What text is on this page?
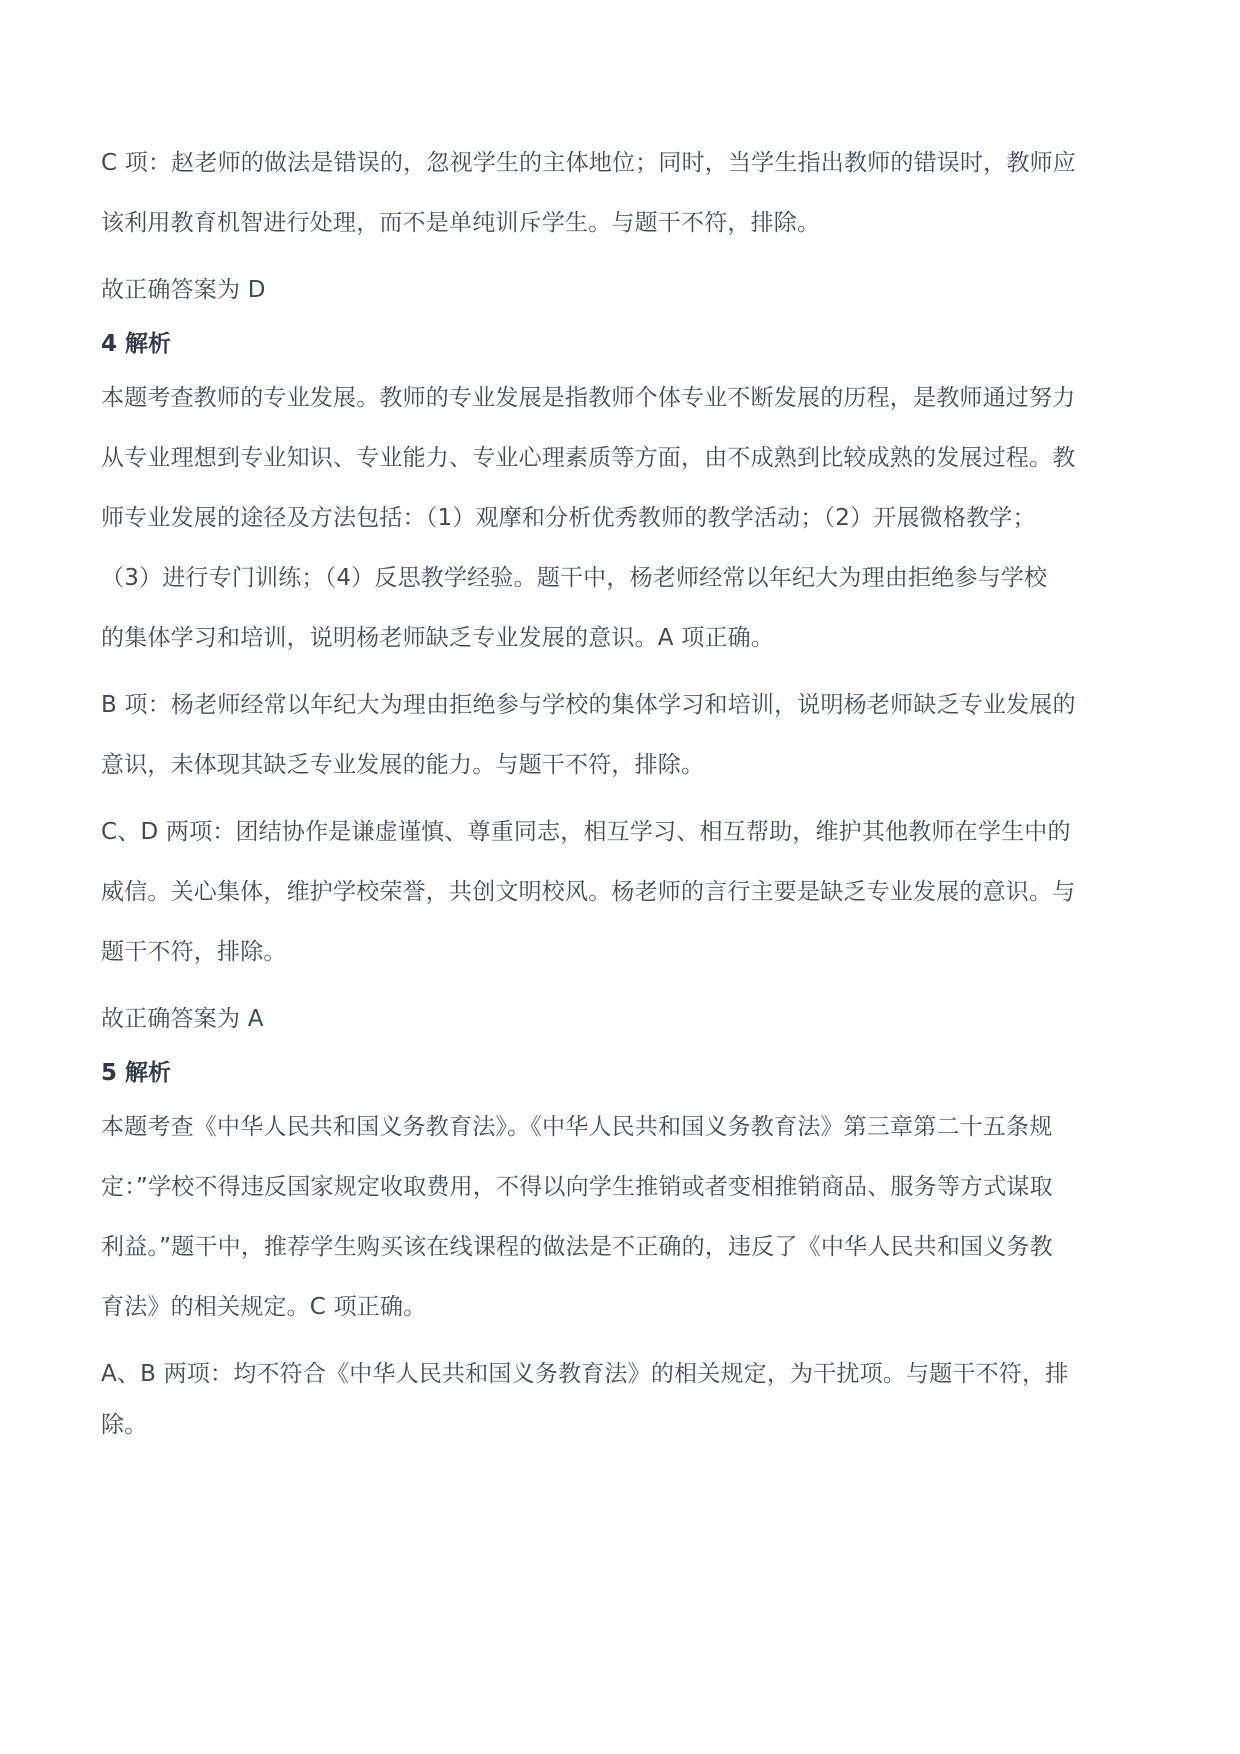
C 项：赵老师的做法是错误的，忽视学生的主体地位；同时，当学生指出教师的错误时，教师应

该利用教育机智进行处理，而不是单纯训斥学生。与题干不符，排除。

故正确答案为 D

4 解析

本题考查教师的专业发展。教师的专业发展是指教师个体专业不断发展的历程，是教师通过努力

从专业理想到专业知识、专业能力、专业心理素质等方面，由不成熟到比较成熟的发展过程。教

师专业发展的途径及方法包括：（1）观摩和分析优秀教师的教学活动；（2）开展微格教学；

（3）进行专门训练；（4）反思教学经验。题干中，杨老师经常以年纪大为理由拒绝参与学校

的集体学习和培训，说明杨老师缺乏专业发展的意识。A 项正确。

B 项：杨老师经常以年纪大为理由拒绝参与学校的集体学习和培训，说明杨老师缺乏专业发展的

意识，未体现其缺乏专业发展的能力。与题干不符，排除。

C、D 两项：团结协作是谦虚谨慎、尊重同志，相互学习、相互帮助，维护其他教师在学生中的

威信。关心集体，维护学校荣誉，共创文明校风。杨老师的言行主要是缺乏专业发展的意识。与

题干不符，排除。

故正确答案为 A

5 解析

本题考查《中华人民共和国义务教育法》。《中华人民共和国义务教育法》第三章第二十五条规

定：”学校不得违反国家规定收取费用，不得以向学生推销或者变相推销商品、服务等方式谋取

利益。”题干中，推荐学生购买该在线课程的做法是不正确的，违反了《中华人民共和国义务教

育法》的相关规定。C 项正确。

A、B 两项：均不符合《中华人民共和国义务教育法》的相关规定，为干扰项。与题干不符，排

除。
